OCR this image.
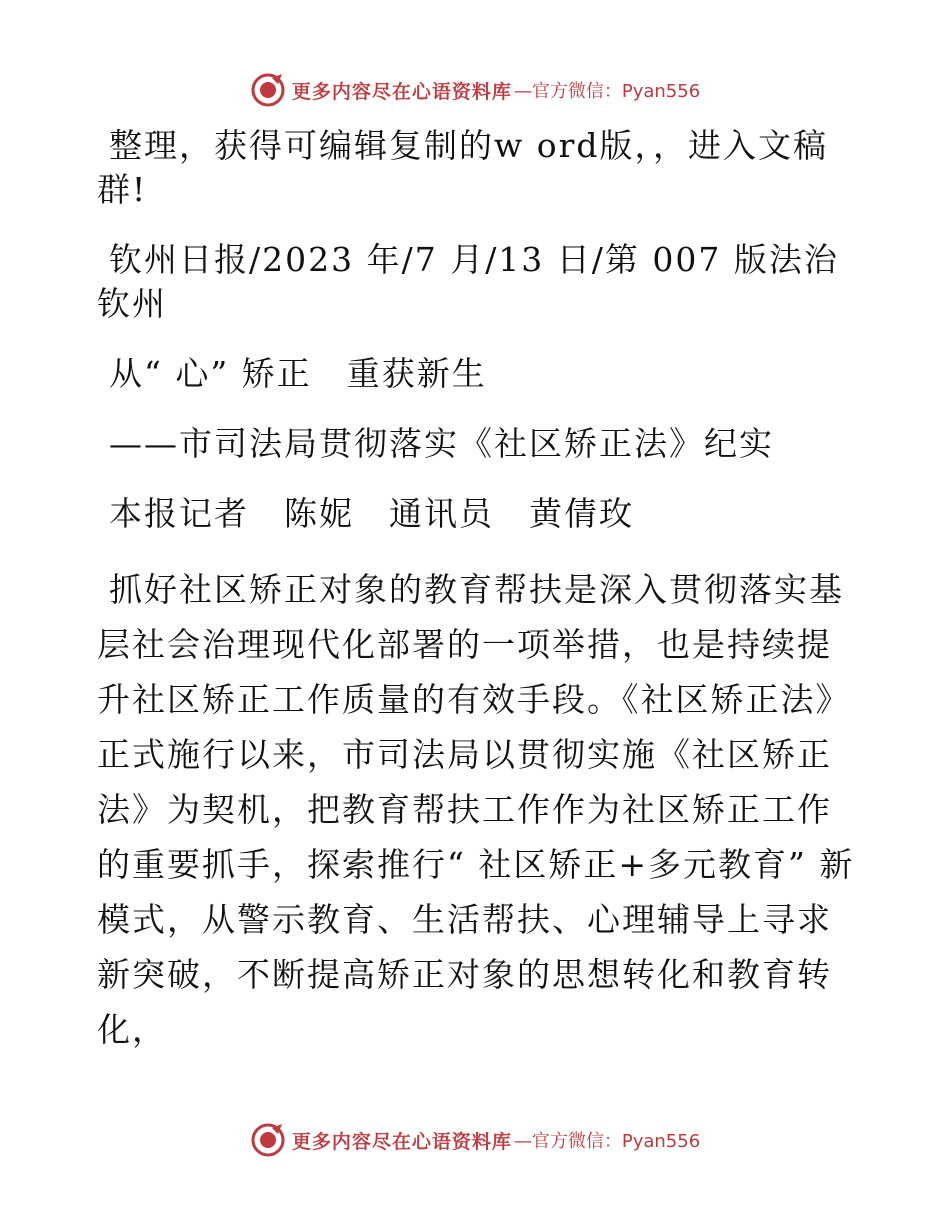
更多内容尽在心语资料库 —官方微信：Pyan556

整理，获得可编辑复制的w ord版，，进入文稿群!

钦州日报/2023 年/7 月/13 日/第 007 版法治钦州

从“ 心” 矫正　重获新生

——市司法局贯彻落实《社区矫正法》纪实

本报记者　陈妮　通讯员　黄倩玫

抓好社区矫正对象的教育帮扶是深入贯彻落实基层社会治理现代化部署的一项举措，也是持续提升社区矫正工作质量的有效手段。《社区矫正法》正式施行以来，市司法局以贯彻实施《社区矫正法》为契机，把教育帮扶工作作为社区矫正工作的重要抓手，探索推行“ 社区矫正+多元教育” 新模式，从警示教育、生活帮扶、心理辅导上寻求新突破，不断提高矫正对象的思想转化和教育转化，

更多内容尽在心语资料库 —官方微信：Pyan556
